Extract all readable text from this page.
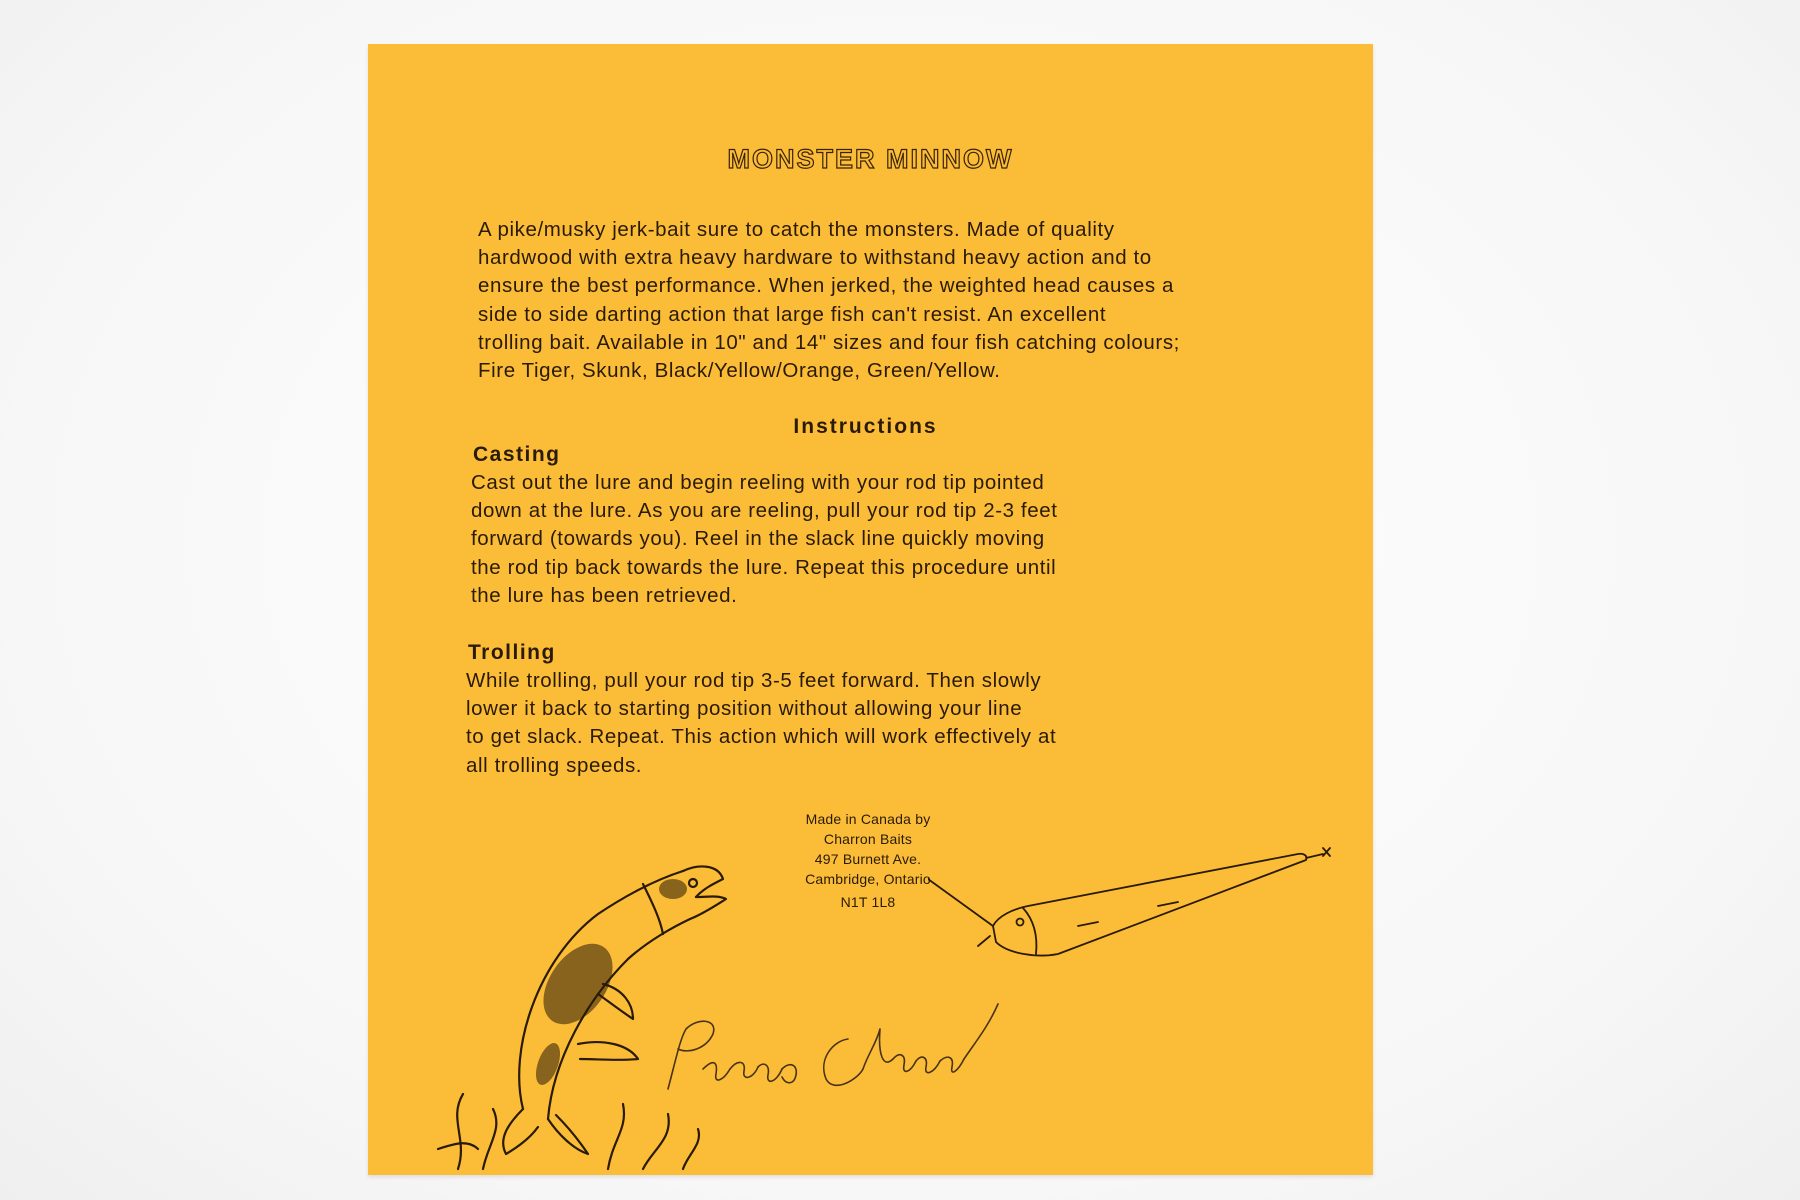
MONSTER MINNOW
A pike/musky jerk-bait sure to catch the monsters. Made of quality
hardwood with extra heavy hardware to withstand heavy action and to
ensure the best performance. When jerked, the weighted head causes a
side to side darting action that large fish can't resist. An excellent
trolling bait. Available in 10" and 14" sizes and four fish catching colours;
Fire Tiger, Skunk, Black/Yellow/Orange, Green/Yellow.
Instructions
Casting
Cast out the lure and begin reeling with your rod tip pointed
down at the lure. As you are reeling, pull your rod tip 2-3 feet
forward (towards you). Reel in the slack line quickly moving
the rod tip back towards the lure. Repeat this procedure until
the lure has been retrieved.
Trolling
While trolling, pull your rod tip 3-5 feet forward. Then slowly
lower it back to starting position without allowing your line
to get slack. Repeat. This action which will work effectively at
all trolling speeds.
Made in Canada by
Charron Baits
497 Burnett Ave.
Cambridge, Ontario
N1T 1L8
